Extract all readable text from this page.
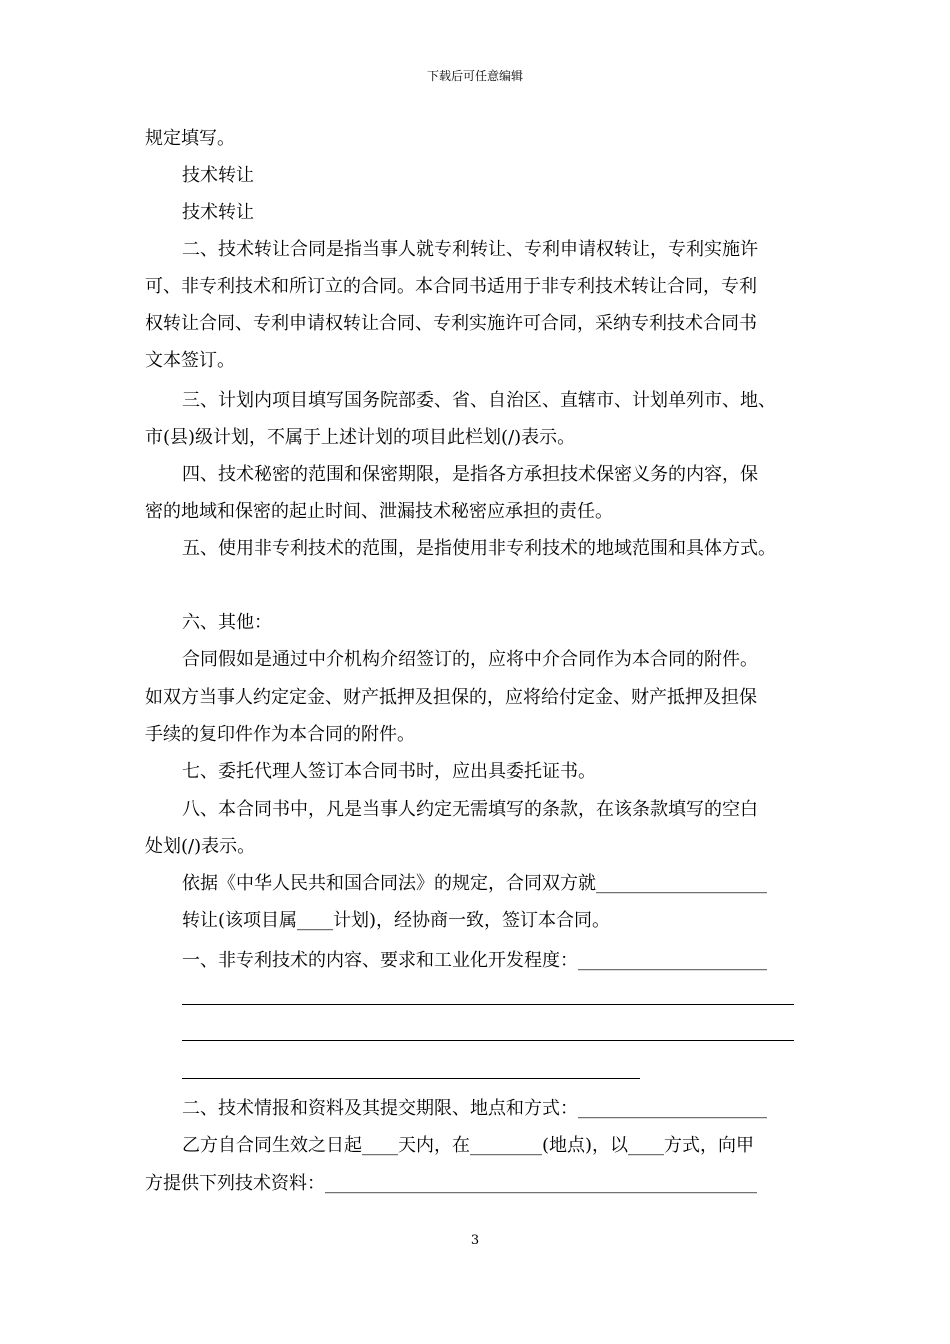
下载后可任意编辑
规定填写。
技术转让
技术转让
二、技术转让合同是指当事人就专利转让、专利申请权转让，专利实施许
可、非专利技术和所订立的合同。本合同书适用于非专利技术转让合同，专利
权转让合同、专利申请权转让合同、专利实施许可合同，采纳专利技术合同书
文本签订。
三、计划内项目填写国务院部委、省、自治区、直辖市、计划单列市、地、
市(县)级计划，不属于上述计划的项目此栏划(/)表示。
四、技术秘密的范围和保密期限，是指各方承担技术保密义务的内容，保
密的地域和保密的起止时间、泄漏技术秘密应承担的责任。
五、使用非专利技术的范围，是指使用非专利技术的地域范围和具体方式。
六、其他：
合同假如是通过中介机构介绍签订的，应将中介合同作为本合同的附件。
如双方当事人约定定金、财产抵押及担保的，应将给付定金、财产抵押及担保
手续的复印件作为本合同的附件。
七、委托代理人签订本合同书时，应出具委托证书。
八、本合同书中，凡是当事人约定无需填写的条款，在该条款填写的空白
处划(/)表示。
依据《中华人民共和国合同法》的规定，合同双方就___________________
转让(该项目属____计划)，经协商一致，签订本合同。
一、非专利技术的内容、要求和工业化开发程度：_____________________
二、技术情报和资料及其提交期限、地点和方式：_____________________
乙方自合同生效之日起____天内，在________(地点)，以____方式，向甲
方提供下列技术资料：________________________________________________
3
